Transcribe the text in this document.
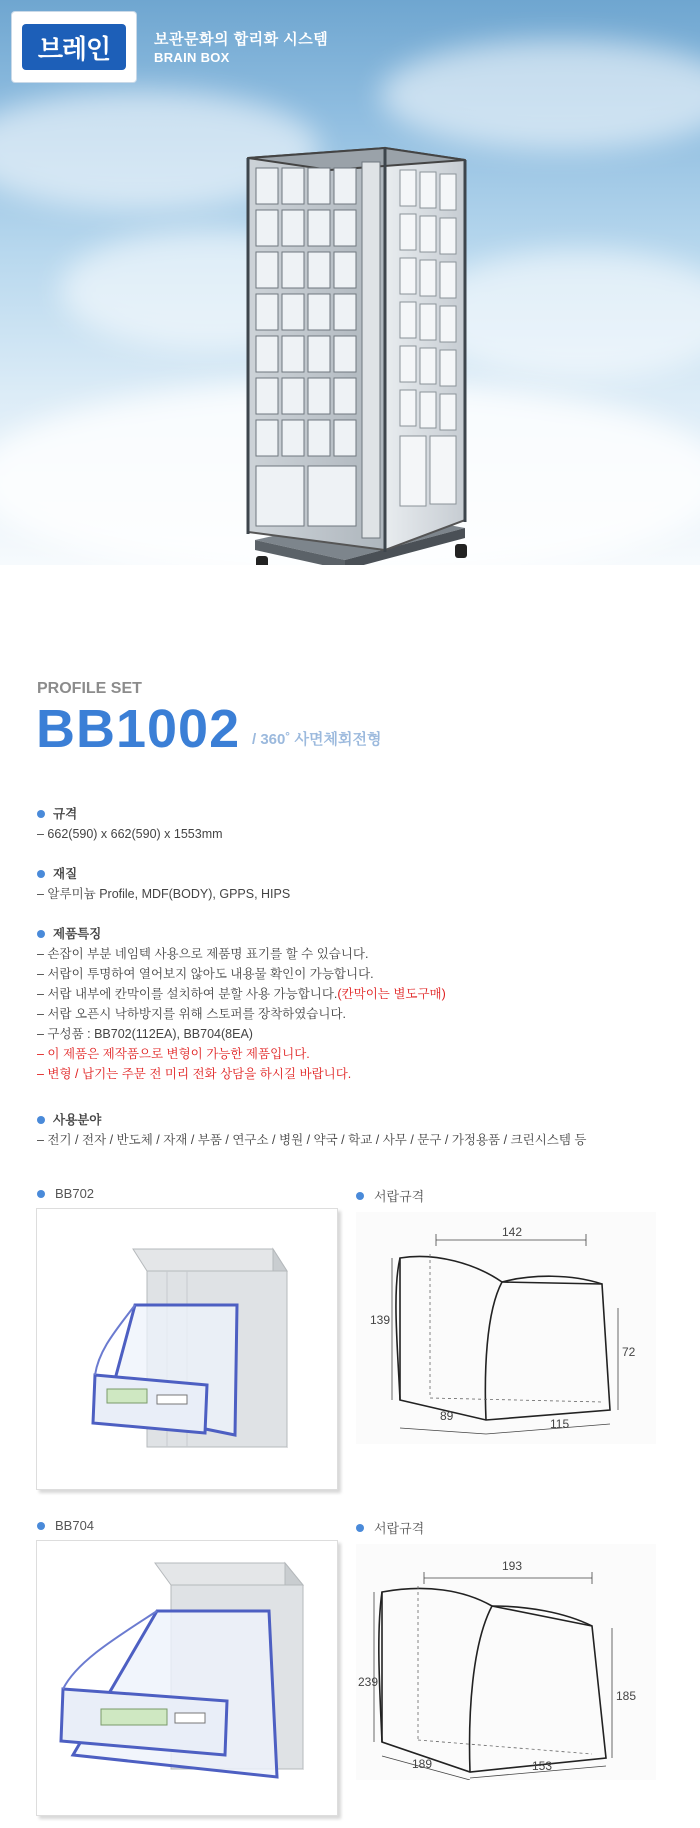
브레인	보관문화의 합리화 시스템
BRAIN BOX
PROFILE SET
BB1002 / 360˚ 사면체회전형
규격
– 662(590) x 662(590) x 1553mm
재질
– 알루미늄 Profile, MDF(BODY), GPPS, HIPS
제품특징
– 손잡이 부분 네임텍 사용으로 제품명 표기를 할 수 있습니다.
– 서랍이 투명하여 열어보지 않아도 내용물 확인이 가능합니다.
– 서랍 내부에 칸막이를 설치하여 분할 사용 가능합니다.(칸막이는 별도구매)
– 서랍 오픈시 낙하방지를 위해 스토퍼를 장착하였습니다.
– 구성품 : BB702(112EA), BB704(8EA)
– 이 제품은 제작품으로 변형이 가능한 제품입니다.
– 변형 / 납기는 주문 전 미리 전화 상담을 하시길 바랍니다.
사용분야
– 전기 / 전자 / 반도체 / 자재 / 부품 / 연구소 / 병원 / 약국 / 학교 / 사무 / 문구 / 가정용품 / 크린시스템 등
BB702	서랍규격
142
139
72
89
115
BB704	서랍규격
193
239
185
189	153
